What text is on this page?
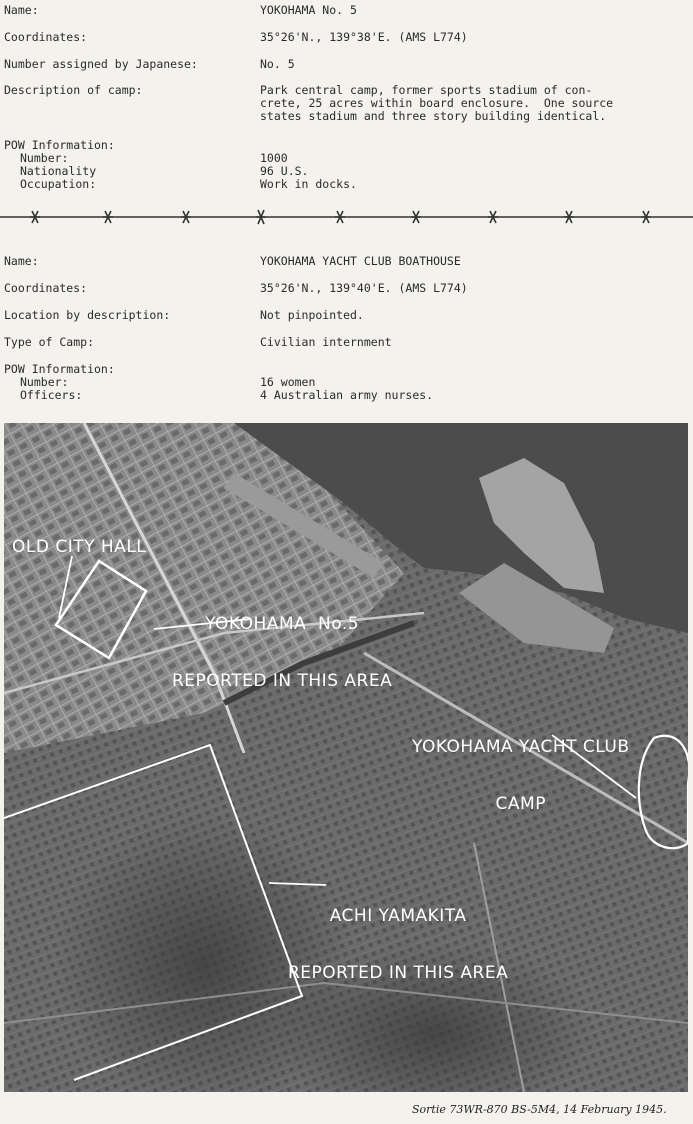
Name:

	YOKOHAMA No. 5

Coordinates:

	35°26'N., 139°38'E. (AMS L774)

Number assigned by Japanese:

	No. 5

Description of camp:

	Park central camp, former sports stadium of con-

crete, 25 acres within board enclosure.  One source

states stadium and three story building identical.

POW Information:

Number:

	1000

Nationality

	96 U.S.

Occupation:

	Work in docks.

Name:

	YOKOHAMA YACHT CLUB BOATHOUSE

Coordinates:

	35°26'N., 139°40'E. (AMS L774)

Location by description:

	Not pinpointed.

Type of Camp:

	Civilian internment

POW Information:

Number:

	16 women

Officers:

	4 Australian army nurses.

OLD CITY HALL

YOKOHAMA  No.5

REPORTED IN THIS AREA

YOKOHAMA YACHT CLUB

CAMP

ACHI YAMAKITA

REPORTED IN THIS AREA

Sortie 73WR-870 BS-5M4, 14 February 1945.
